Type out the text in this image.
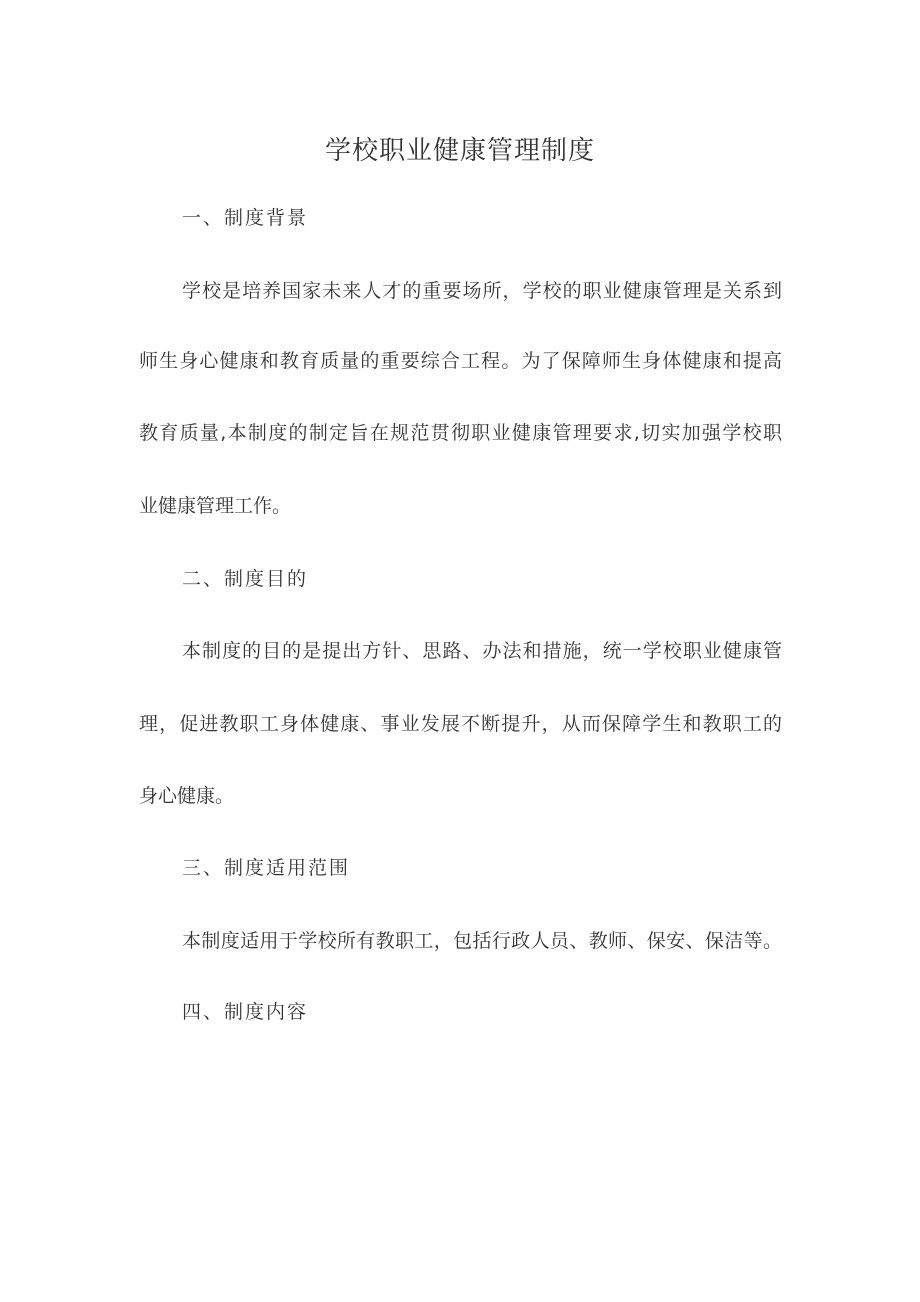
学校职业健康管理制度
一、制度背景
学校是培养国家未来人才的重要场所，学校的职业健康管理是关系到
师生身心健康和教育质量的重要综合工程。为了保障师生身体健康和提高
教育质量,本制度的制定旨在规范贯彻职业健康管理要求,切实加强学校职
业健康管理工作。
二、制度目的
本制度的目的是提出方针、思路、办法和措施，统一学校职业健康管
理，促进教职工身体健康、事业发展不断提升，从而保障学生和教职工的
身心健康。
三、制度适用范围
本制度适用于学校所有教职工，包括行政人员、教师、保安、保洁等。
四、制度内容
